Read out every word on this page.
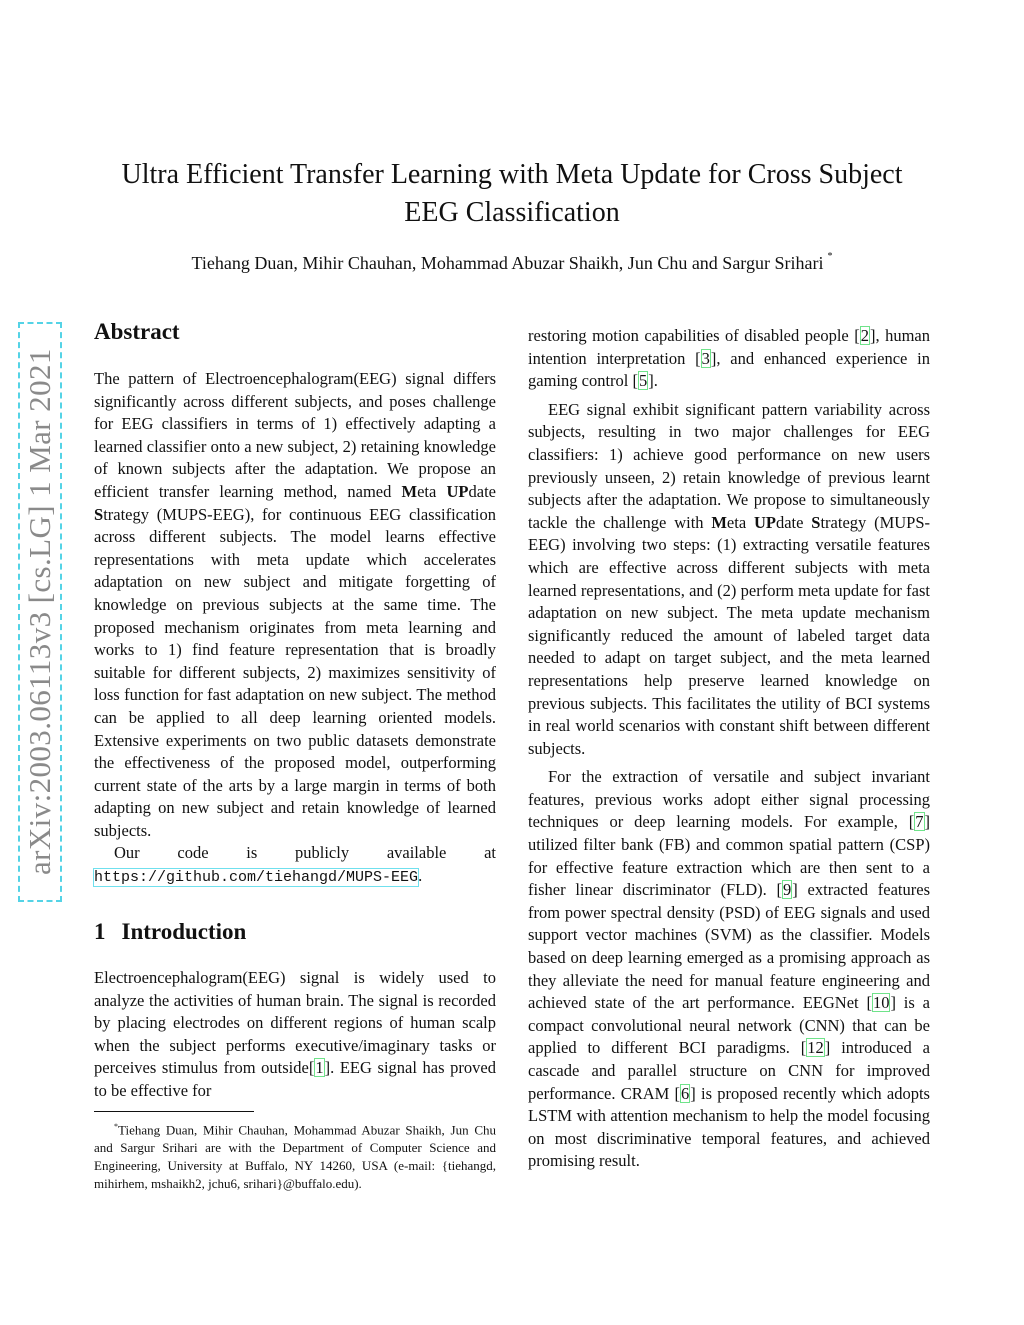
arXiv:2003.06113v3 [cs.LG] 1 Mar 2021
Ultra Efficient Transfer Learning with Meta Update for Cross Subject
EEG Classification
Tiehang Duan, Mihir Chauhan, Mohammad Abuzar Shaikh, Jun Chu and Sargur Srihari *
Abstract

The pattern of Electroencephalogram(EEG) signal differs significantly across different subjects, and poses challenge for EEG classifiers in terms of 1) effectively adapting a learned classifier onto a new subject, 2) retaining knowledge of known subjects after the adaptation. We propose an efficient transfer learning method, named Meta UPdate Strategy (MUPS-EEG), for continuous EEG classification across different subjects. The model learns effective representations with meta update which accelerates adaptation on new subject and mitigate forgetting of knowledge on previous subjects at the same time. The proposed mechanism originates from meta learning and works to 1) find feature representation that is broadly suitable for different subjects, 2) maximizes sensitivity of loss function for fast adaptation on new subject. The method can be applied to all deep learning oriented models. Extensive experiments on two public datasets demonstrate the effectiveness of the proposed model, outperforming current state of the arts by a large margin in terms of both adapting on new subject and retain knowledge of learned subjects.

Our code is publicly available at

https://github.com/tiehangd/MUPS-EEG.

1 Introduction

Electroencephalogram(EEG) signal is widely used to analyze the activities of human brain. The signal is recorded by placing electrodes on different regions of human scalp when the subject performs executive/imaginary tasks or perceives stimulus from outside[1]. EEG signal has proved to be effective for

*Tiehang Duan, Mihir Chauhan, Mohammad Abuzar Shaikh, Jun Chu and Sargur Srihari are with the Department of Computer Science and Engineering, University at Buffalo, NY 14260, USA (e-mail: {tiehangd, mihirhem, mshaikh2, jchu6, srihari}@buffalo.edu).

restoring motion capabilities of disabled people [2], human intention interpretation [3], and enhanced experience in gaming control [5].

EEG signal exhibit significant pattern variability across subjects, resulting in two major challenges for EEG classifiers: 1) achieve good performance on new users previously unseen, 2) retain knowledge of previous learnt subjects after the adaptation. We propose to simultaneously tackle the challenge with Meta UPdate Strategy (MUPS-EEG) involving two steps: (1) extracting versatile features which are effective across different subjects with meta learned representations, and (2) perform meta update for fast adaptation on new subject. The meta update mechanism significantly reduced the amount of labeled target data needed to adapt on target subject, and the meta learned representations help preserve learned knowledge on previous subjects. This facilitates the utility of BCI systems in real world scenarios with constant shift between different subjects.

For the extraction of versatile and subject invariant features, previous works adopt either signal processing techniques or deep learning models. For example, [7] utilized filter bank (FB) and common spatial pattern (CSP) for effective feature extraction which are then sent to a fisher linear discriminator (FLD). [9] extracted features from power spectral density (PSD) of EEG signals and used support vector machines (SVM) as the classifier. Models based on deep learning emerged as a promising approach as they alleviate the need for manual feature engineering and achieved state of the art performance. EEGNet [10] is a compact convolutional neural network (CNN) that can be applied to different BCI paradigms. [12] introduced a cascade and parallel structure on CNN for improved performance. CRAM [6] is proposed recently which adopts LSTM with attention mechanism to help the model focusing on most discriminative temporal features, and achieved promising result.
